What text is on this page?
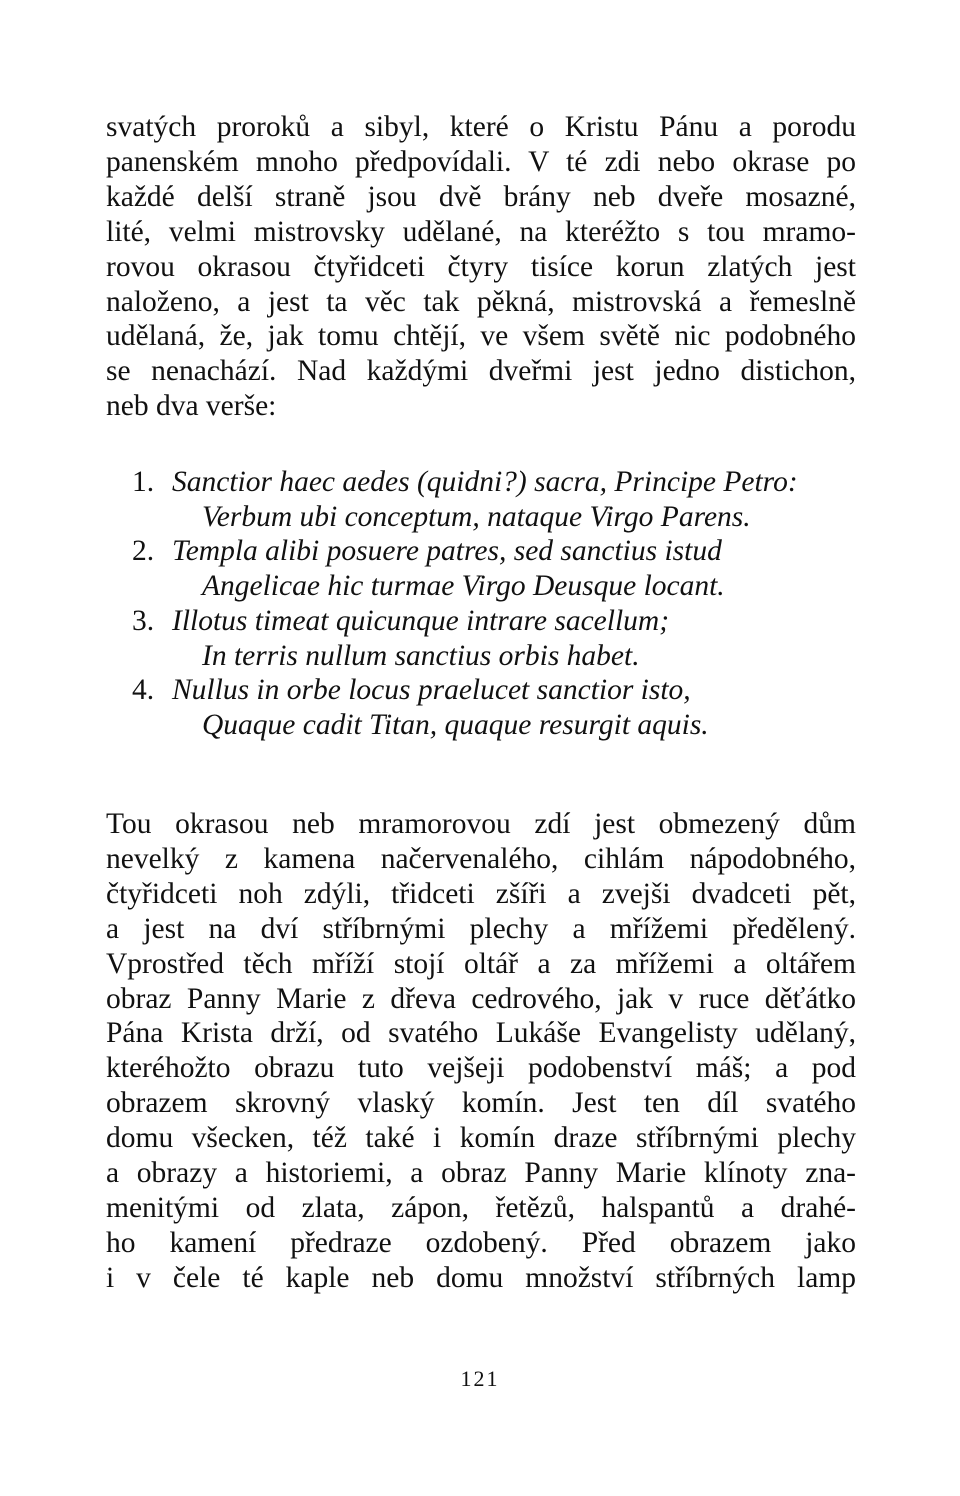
svatých proroků a sibyl, které o Kristu Pánu a porodu
panenském mnoho předpovídali. V té zdi nebo okrase po
každé delší straně jsou dvě brány neb dveře mosazné,
lité, velmi mistrovsky udělané, na kteréžto s tou mramo-
rovou okrasou čtyřidceti čtyry tisíce korun zlatých jest
naloženo, a jest ta věc tak pěkná, mistrovská a řemeslně
udělaná, že, jak tomu chtějí, ve všem světě nic podobného
se nenachází. Nad každými dveřmi jest jedno distichon,
neb dva verše:
1. Sanctior haec aedes (quidni?) sacra, Principe Petro:
Verbum ubi conceptum, nataque Virgo Parens.
2. Templa alibi posuere patres, sed sanctius istud
Angelicae hic turmae Virgo Deusque locant.
3. Illotus timeat quicunque intrare sacellum;
In terris nullum sanctius orbis habet.
4. Nullus in orbe locus praelucet sanctior isto,
Quaque cadit Titan, quaque resurgit aquis.
Tou okrasou neb mramorovou zdí jest obmezený dům
nevelký z kamena načervenalého, cihlám nápodobného,
čtyřidceti noh zdýli, třidceti zšíři a zvejši dvadceti pět,
a jest na dví stříbrnými plechy a mřížemi předělený.
Vprostřed těch mříží stojí oltář a za mřížemi a oltářem
obraz Panny Marie z dřeva cedrového, jak v ruce děťátko
Pána Krista drží, od svatého Lukáše Evangelisty udělaný,
kteréhožto obrazu tuto vejšeji podobenství máš; a pod
obrazem skrovný vlaský komín. Jest ten díl svatého
domu všecken, též také i komín draze stříbrnými plechy
a obrazy a historiemi, a obraz Panny Marie klínoty zna-
menitými od zlata, zápon, řetězů, halspantů a drahé-
ho kamení předraze ozdobený. Před obrazem jako
i v čele té kaple neb domu množství stříbrných lamp
121
